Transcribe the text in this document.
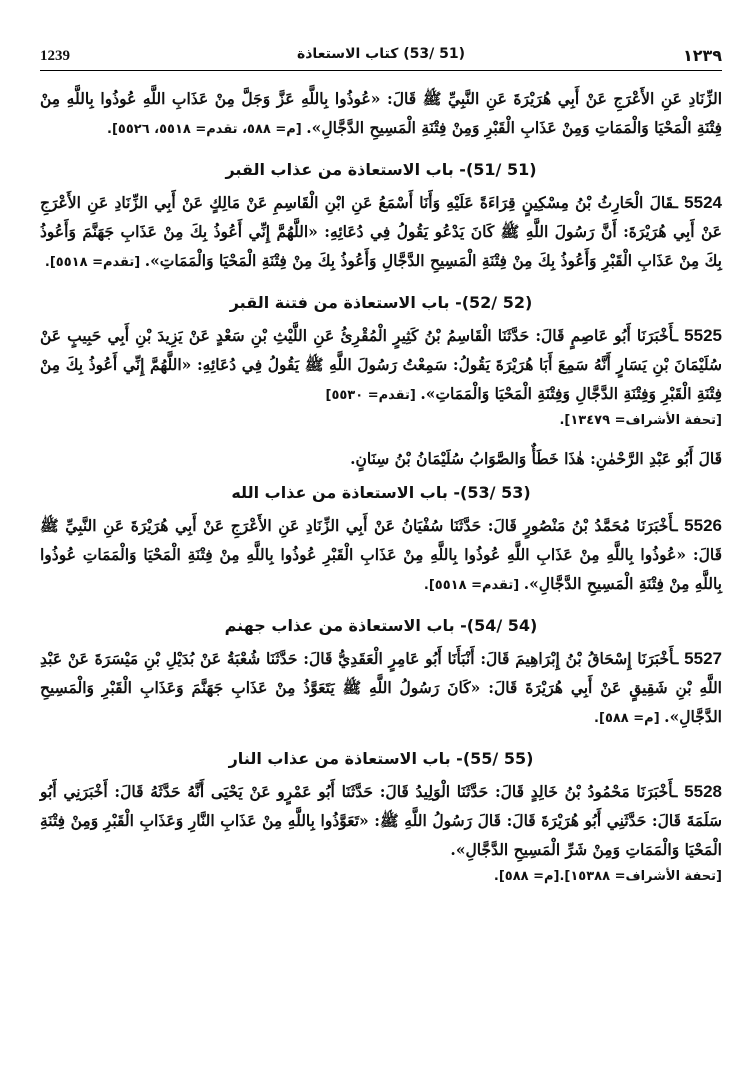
1239	(51 /53) كتاب الاستعاذة	١٢٣٩

الزِّنَادِ عَنِ الأَعْرَجِ عَنْ أَبِي هُرَيْرَةَ عَنِ النَّبِيِّ ﷺ قَالَ: «عُوذُوا بِاللَّهِ عَزَّ وَجَلَّ مِنْ عَذَابِ اللَّهِ عُوذُوا بِاللَّهِ مِنْ فِتْنَةِ الْمَحْيَا وَالْمَمَاتِ وَمِنْ عَذَابِ الْقَبْرِ وَمِنْ فِتْنَةِ الْمَسِيحِ الدَّجَّالِ». [م= ٥٨٨، تقدم= ٥٥١٨، ٥٥٢٦].

(51 /51)- باب الاستعاذة من عذاب القبر

5524 ـقَالَ الْحَارِثُ بْنُ مِسْكِينٍ قِرَاءَةً عَلَيْهِ وَأَنَا أَسْمَعُ عَنِ ابْنِ الْقَاسِمِ عَنْ مَالِكٍ عَنْ أَبِي الزِّنَادِ عَنِ الأَعْرَجِ عَنْ أَبِي هُرَيْرَةَ: أَنَّ رَسُولَ اللَّهِ ﷺ كَانَ يَدْعُو يَقُولُ فِي دُعَائِهِ: «اللَّهُمَّ إِنِّي أَعُوذُ بِكَ مِنْ عَذَابِ جَهَنَّمَ وَأَعُوذُ بِكَ مِنْ عَذَابِ الْقَبْرِ وَأَعُوذُ بِكَ مِنْ فِتْنَةِ الْمَسِيحِ الدَّجَّالِ وَأَعُوذُ بِكَ مِنْ فِتْنَةِ الْمَحْيَا وَالْمَمَاتِ». [تقدم= ٥٥١٨].

(52 /52)- باب الاستعاذة من فتنة القبر

5525 ـأَخْبَرَنَا أَبُو عَاصِمٍ قَالَ: حَدَّثَنَا الْقَاسِمُ بْنُ كَثِيرٍ الْمُقْرِئُ عَنِ اللَّيْثِ بْنِ سَعْدٍ عَنْ يَزِيدَ بْنِ أَبِي حَبِيبٍ عَنْ سُلَيْمَانَ بْنِ يَسَارٍ أَنَّهُ سَمِعَ أَبَا هُرَيْرَةَ يَقُولُ: سَمِعْتُ رَسُولَ اللَّهِ ﷺ يَقُولُ فِي دُعَائِهِ: «اللَّهُمَّ إِنِّي أَعُوذُ بِكَ مِنْ فِتْنَةِ الْقَبْرِ وَفِتْنَةِ الدَّجَّالِ وَفِتْنَةِ الْمَحْيَا وَالْمَمَاتِ». [تقدم= ٥٥٣٠]

[تحفة الأشراف= ١٣٤٧٩].

قَالَ أَبُو عَبْدِ الرَّحْمٰنِ: هٰذَا خَطَأٌ وَالصَّوَابُ سُلَيْمَانُ بْنُ سِنَانٍ.

(53 /53)- باب الاستعاذة من عذاب الله

5526 ـأَخْبَرَنَا مُحَمَّدُ بْنُ مَنْصُورٍ قَالَ: حَدَّثَنَا سُفْيَانُ عَنْ أَبِي الزِّنَادِ عَنِ الأَعْرَجِ عَنْ أَبِي هُرَيْرَةَ عَنِ النَّبِيِّ ﷺ قَالَ: «عُوذُوا بِاللَّهِ مِنْ عَذَابِ اللَّهِ عُوذُوا بِاللَّهِ مِنْ عَذَابِ الْقَبْرِ عُوذُوا بِاللَّهِ مِنْ فِتْنَةِ الْمَحْيَا وَالْمَمَاتِ عُوذُوا بِاللَّهِ مِنْ فِتْنَةِ الْمَسِيحِ الدَّجَّالِ». [تقدم= ٥٥١٨].

(54 /54)- باب الاستعاذة من عذاب جهنم

5527 ـأَخْبَرَنَا إِسْحَاقُ بْنُ إِبْرَاهِيمَ قَالَ: أَنْبَأَنَا أَبُو عَامِرٍ الْعَقَدِيُّ قَالَ: حَدَّثَنَا شُعْبَةُ عَنْ بُدَيْلِ بْنِ مَيْسَرَةَ عَنْ عَبْدِ اللَّهِ بْنِ شَقِيقٍ عَنْ أَبِي هُرَيْرَةَ قَالَ: «كَانَ رَسُولُ اللَّهِ ﷺ يَتَعَوَّذُ مِنْ عَذَابِ جَهَنَّمَ وَعَذَابِ الْقَبْرِ وَالْمَسِيحِ الدَّجَّالِ». [م= ٥٨٨].

(55 /55)- باب الاستعاذة من عذاب النار

5528 ـأَخْبَرَنَا مَحْمُودُ بْنُ خَالِدٍ قَالَ: حَدَّثَنَا الْوَلِيدُ قَالَ: حَدَّثَنَا أَبُو عَمْرٍو عَنْ يَحْيَى أَنَّهُ حَدَّثَهُ قَالَ: أَخْبَرَنِي أَبُو سَلَمَةَ قَالَ: حَدَّثَنِي أَبُو هُرَيْرَةَ قَالَ: قَالَ رَسُولُ اللَّهِ ﷺ: «تَعَوَّذُوا بِاللَّهِ مِنْ عَذَابِ النَّارِ وَعَذَابِ الْقَبْرِ وَمِنْ فِتْنَةِ الْمَحْيَا وَالْمَمَاتِ وَمِنْ شَرِّ الْمَسِيحِ الدَّجَّالِ».

[تحفة الأشراف= ١٥٣٨٨].[م= ٥٨٨].
